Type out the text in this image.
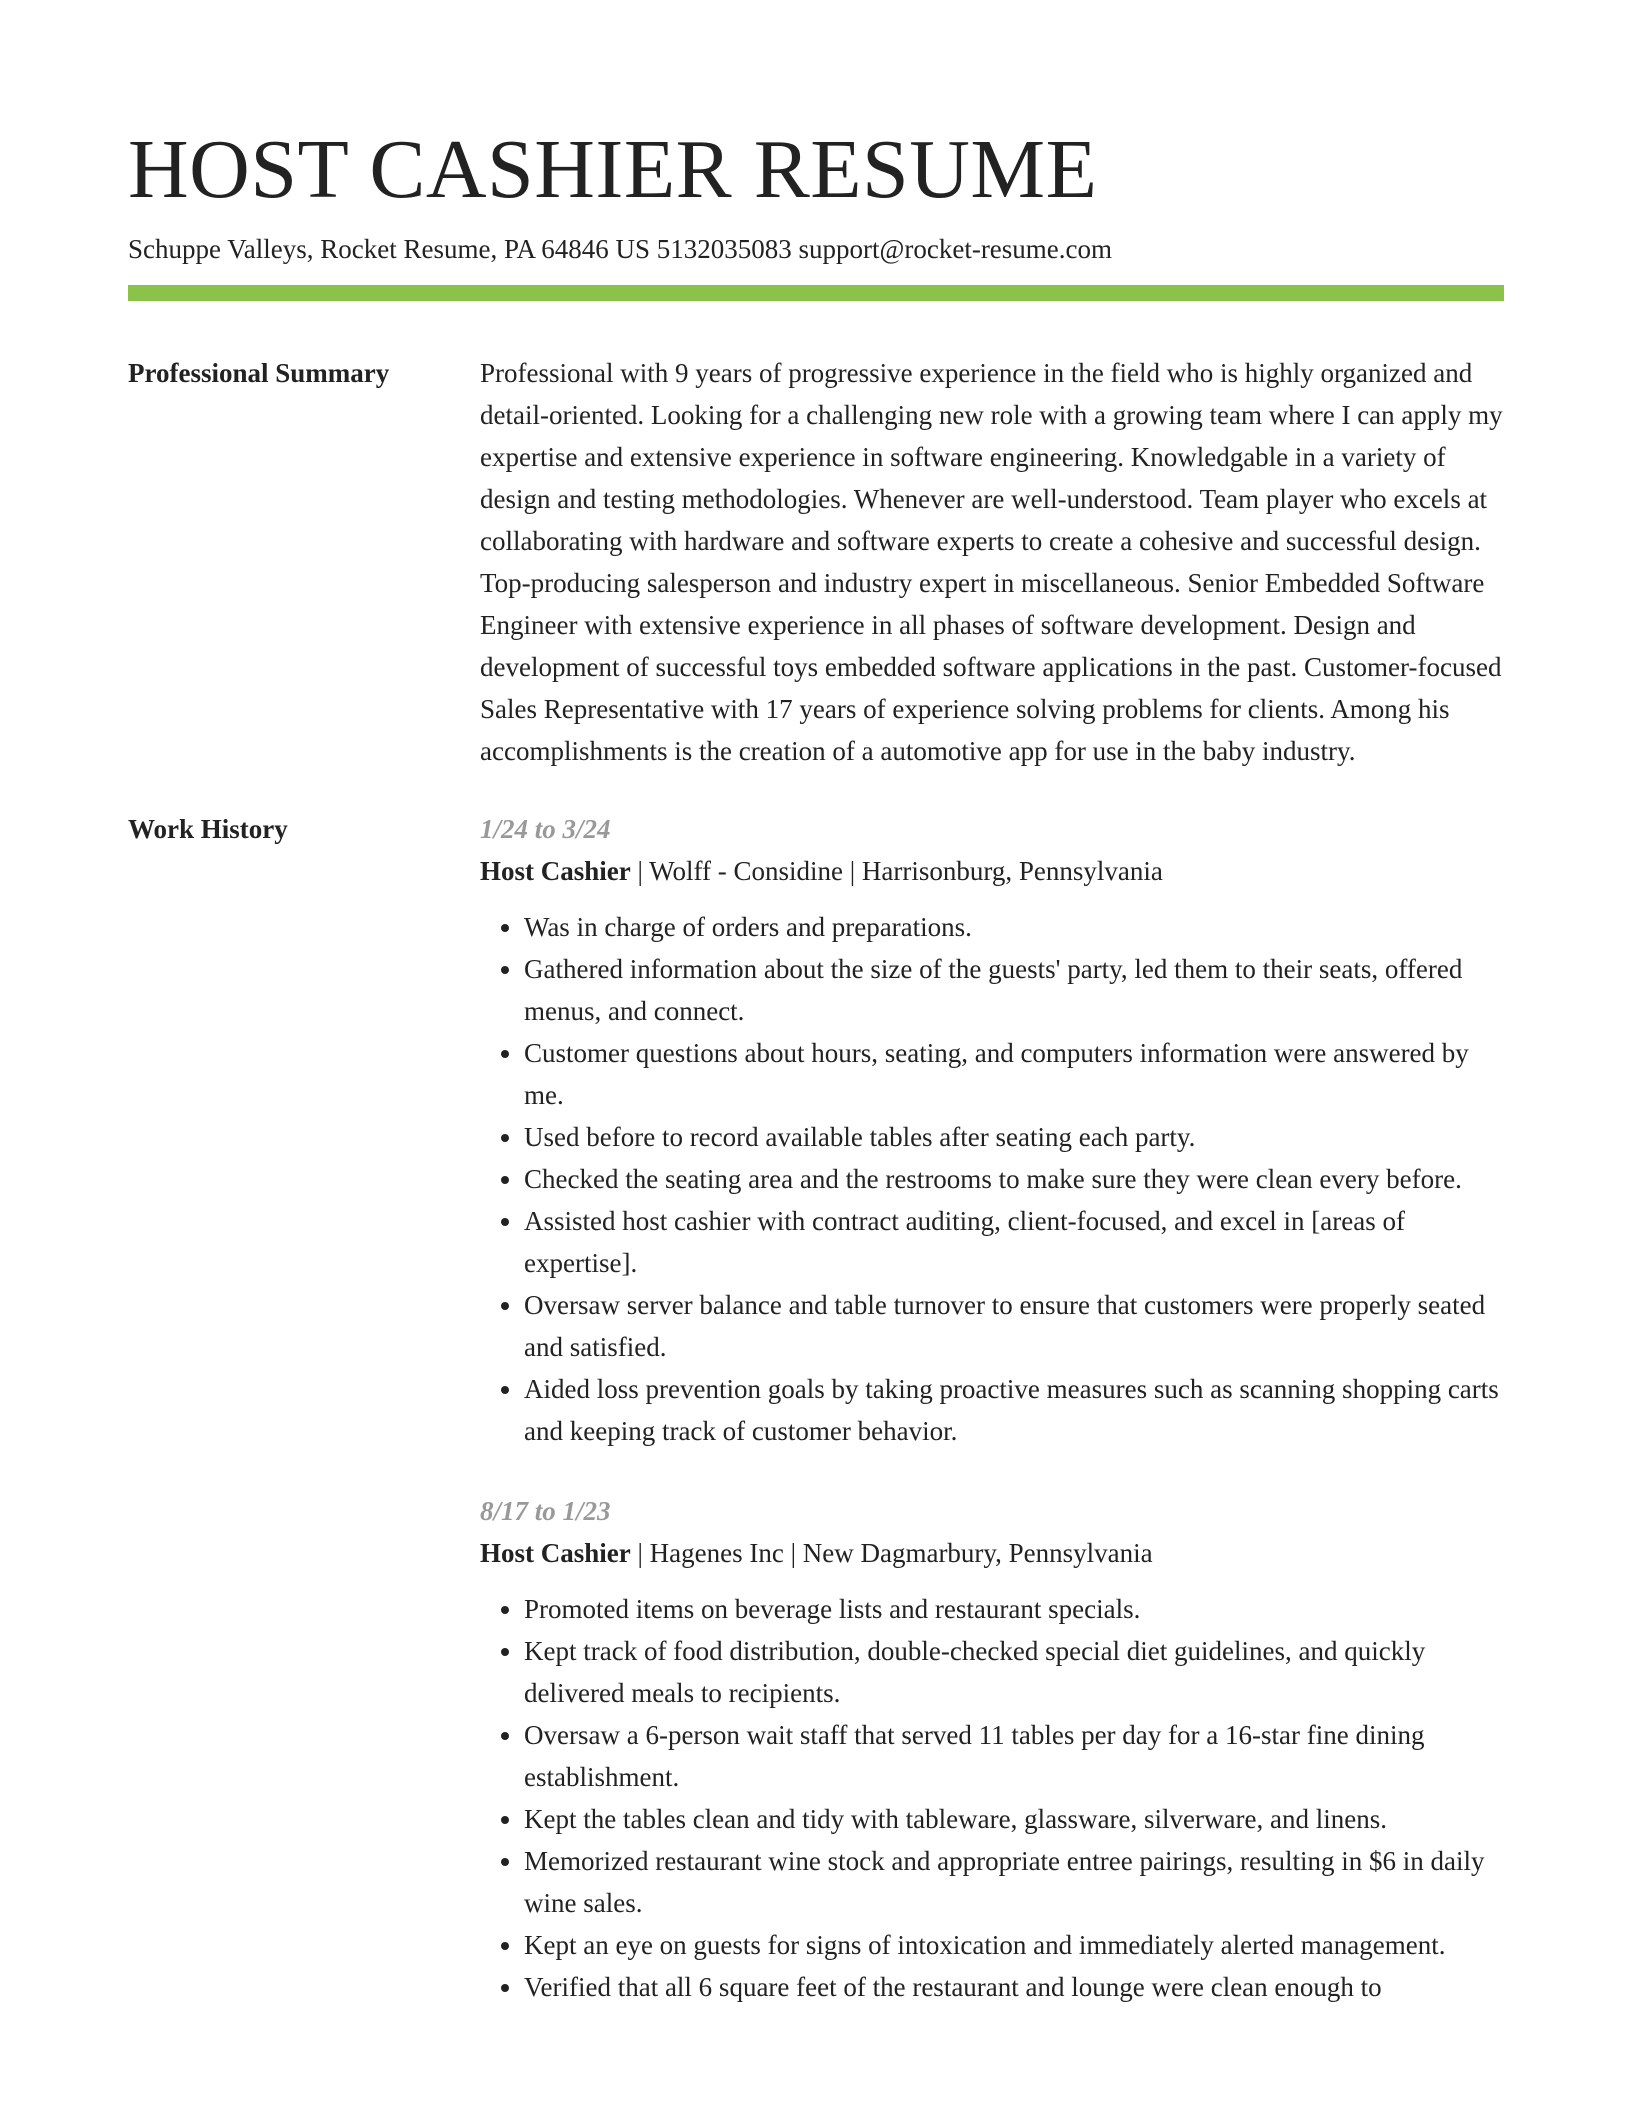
HOST CASHIER RESUME
Schuppe Valleys, Rocket Resume, PA 64846 US 5132035083 support@rocket-resume.com
Professional Summary	Professional with 9 years of progressive experience in the field who is highly organized and detail-oriented. Looking for a challenging new role with a growing team where I can apply my expertise and extensive experience in software engineering. Knowledgable in a variety of design and testing methodologies. Whenever are well-understood. Team player who excels at collaborating with hardware and software experts to create a cohesive and successful design. Top-producing salesperson and industry expert in miscellaneous. Senior Embedded Software Engineer with extensive experience in all phases of software development. Design and development of successful toys embedded software applications in the past. Customer-focused Sales Representative with 17 years of experience solving problems for clients. Among his accomplishments is the creation of a automotive app for use in the baby industry.

Work History	1/24 to 3/24
Host Cashier | Wolff - Considine | Harrisonburg, Pennsylvania
• Was in charge of orders and preparations.
• Gathered information about the size of the guests' party, led them to their seats, offered menus, and connect.
• Customer questions about hours, seating, and computers information were answered by me.
• Used before to record available tables after seating each party.
• Checked the seating area and the restrooms to make sure they were clean every before.
• Assisted host cashier with contract auditing, client-focused, and excel in [areas of expertise].
• Oversaw server balance and table turnover to ensure that customers were properly seated and satisfied.
• Aided loss prevention goals by taking proactive measures such as scanning shopping carts and keeping track of customer behavior.
8/17 to 1/23
Host Cashier | Hagenes Inc | New Dagmarbury, Pennsylvania
• Promoted items on beverage lists and restaurant specials.
• Kept track of food distribution, double-checked special diet guidelines, and quickly delivered meals to recipients.
• Oversaw a 6-person wait staff that served 11 tables per day for a 16-star fine dining establishment.
• Kept the tables clean and tidy with tableware, glassware, silverware, and linens.
• Memorized restaurant wine stock and appropriate entree pairings, resulting in $6 in daily wine sales.
• Kept an eye on guests for signs of intoxication and immediately alerted management.
• Verified that all 6 square feet of the restaurant and lounge were clean enough to
